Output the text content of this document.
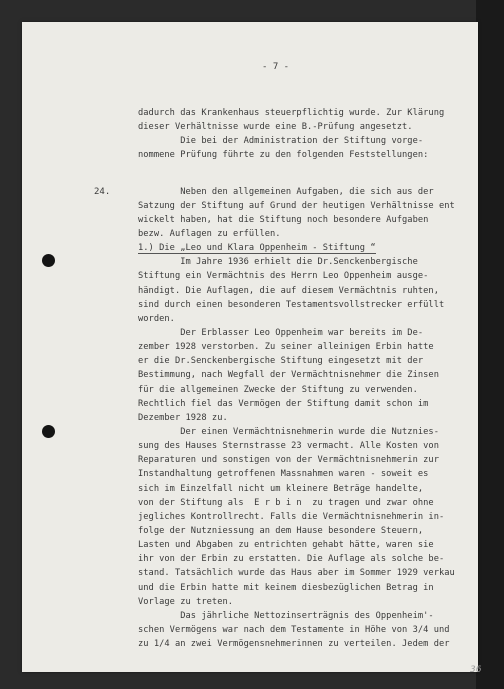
- 7 -
24.
dadurch das Krankenhaus steuerpflichtig wurde. Zur Klärung
dieser Verhältnisse wurde eine B.-Prüfung angesetzt.
Die bei der Administration der Stiftung vorge-
nommene Prüfung führte zu den folgenden Feststellungen:
Neben den allgemeinen Aufgaben, die sich aus der
Satzung der Stiftung auf Grund der heutigen Verhältnisse ent
wickelt haben, hat die Stiftung noch besondere Aufgaben
bezw. Auflagen zu erfüllen.
1.) Die „Leo und Klara Oppenheim - Stiftung “
Im Jahre 1936 erhielt die Dr.Senckenbergische
Stiftung ein Vermächtnis des Herrn Leo Oppenheim ausge-
händigt. Die Auflagen, die auf diesem Vermächtnis ruhten,
sind durch einen besonderen Testamentsvollstrecker erfüllt
worden.
Der Erblasser Leo Oppenheim war bereits im De-
zember 1928 verstorben. Zu seiner alleinigen Erbin hatte
er die Dr.Senckenbergische Stiftung eingesetzt mit der
Bestimmung, nach Wegfall der Vermächtnisnehmer die Zinsen
für die allgemeinen Zwecke der Stiftung zu verwenden.
Rechtlich fiel das Vermögen der Stiftung damit schon im
Dezember 1928 zu.
Der einen Vermächtnisnehmerin wurde die Nutznies-
sung des Hauses Sternstrasse 23 vermacht. Alle Kosten von
Reparaturen und sonstigen von der Vermächtnisnehmerin zur
Instandhaltung getroffenen Massnahmen waren - soweit es
sich im Einzelfall nicht um kleinere Beträge handelte,
von der Stiftung als  E r b i n  zu tragen und zwar ohne
jegliches Kontrollrecht. Falls die Vermächtnisnehmerin in-
folge der Nutzniessung an dem Hause besondere Steuern,
Lasten und Abgaben zu entrichten gehabt hätte, waren sie
ihr von der Erbin zu erstatten. Die Auflage als solche be-
stand. Tatsächlich wurde das Haus aber im Sommer 1929 verkau
und die Erbin hatte mit keinem diesbezüglichen Betrag in
Vorlage zu treten.
Das jährliche Nettozinserträgnis des Oppenheim'-
schen Vermögens war nach dem Testamente in Höhe von 3/4 und
zu 1/4 an zwei Vermögensnehmerinnen zu verteilen. Jedem der
36
